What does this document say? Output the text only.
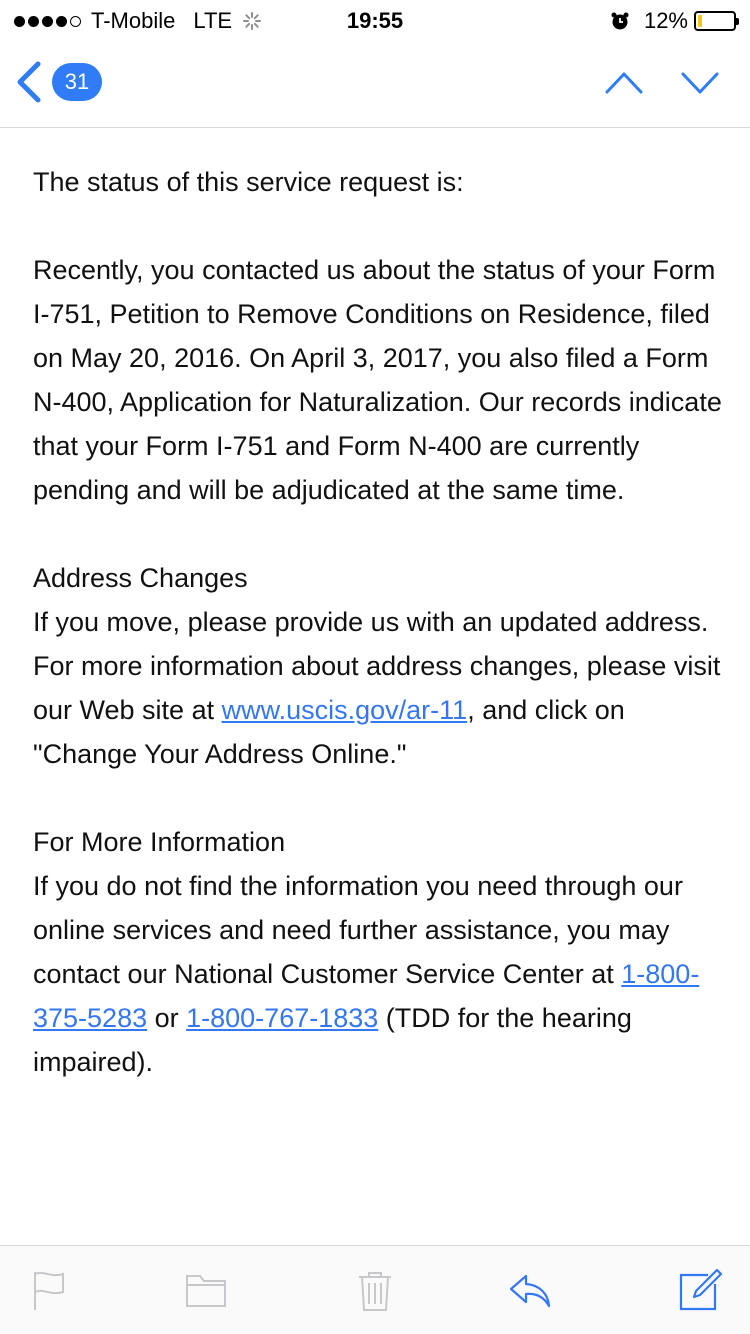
T-Mobile LTE	19:55	12%
31

The status of this service request is:

Recently, you contacted us about the status of your Form I-751, Petition to Remove Conditions on Residence, filed on May 20, 2016. On April 3, 2017, you also filed a Form N-400, Application for Naturalization. Our records indicate that your Form I-751 and Form N-400 are currently pending and will be adjudicated at the same time.

Address Changes
If you move, please provide us with an updated address. For more information about address changes, please visit our Web site at www.uscis.gov/ar-11, and click on "Change Your Address Online."

For More Information
If you do not find the information you need through our online services and need further assistance, you may contact our National Customer Service Center at 1-800-375-5283 or 1-800-767-1833 (TDD for the hearing impaired).
